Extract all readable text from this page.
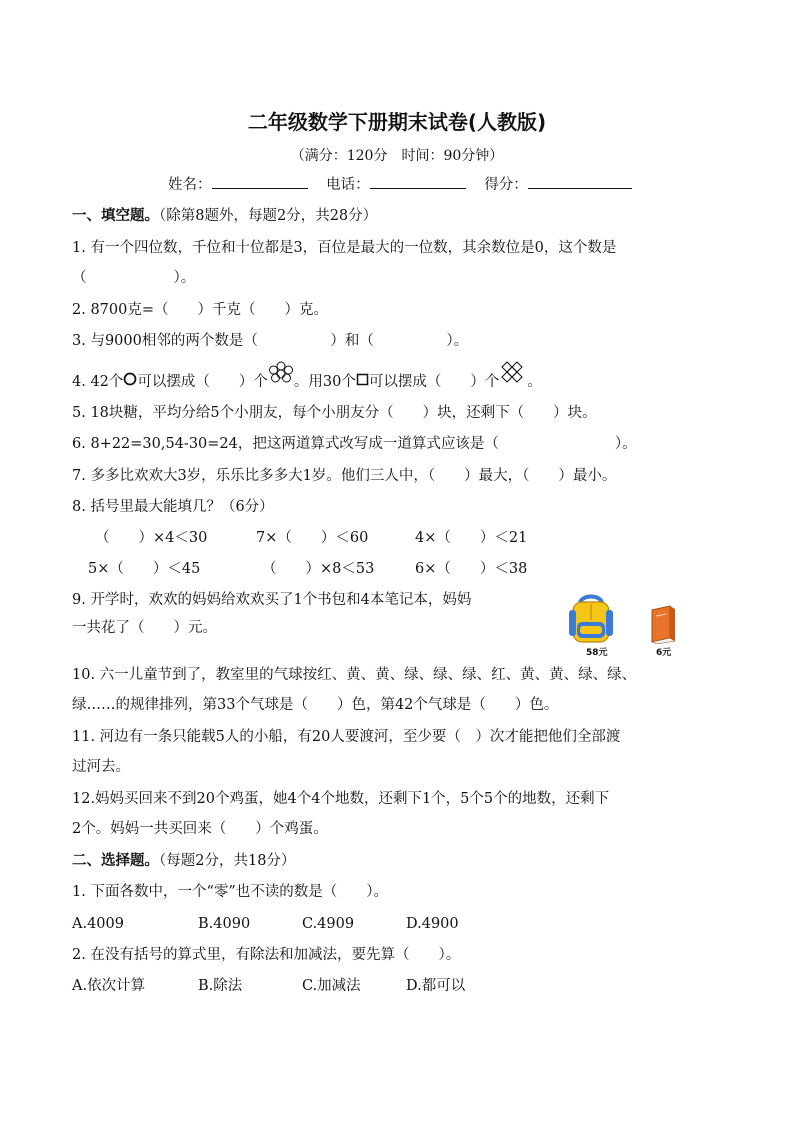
二年级数学下册期末试卷(人教版)
（满分：120分　时间：90分钟）
姓名：	电话：	得分：
一、填空题。（除第8题外，每题2分，共28分）
1. 有一个四位数，千位和十位都是3，百位是最大的一位数，其余数位是0，这个数是
（　　　　　　）。
2. 8700克=（　　）千克（　　）克。
3. 与9000相邻的两个数是（　　　　　）和（　　　　　）。
4. 42个 可以摆成（　　）个 。用30个 可以摆成（　　）个 。
5. 18块糖，平均分给5个小朋友，每个小朋友分（　　）块，还剩下（　　）块。
6. 8+22=30,54-30=24，把这两道算式改写成一道算式应该是（　　　　　　　　）。
7. 多多比欢欢大3岁，乐乐比多多大1岁。他们三人中，（　　）最大，（　　）最小。
8. 括号里最大能填几？（6分）
（　　）×4＜30	7×（　　）＜60	4×（　　）＜21
5×（　　）＜45	（　　）×8＜53	6×（　　）＜38
9. 开学时，欢欢的妈妈给欢欢买了1个书包和4本笔记本，妈妈
一共花了（　　）元。
58元	6元
10. 六一儿童节到了，教室里的气球按红、黄、黄、绿、绿、绿、红、黄、黄、绿、绿、
绿……的规律排列，第33个气球是（　　）色，第42个气球是（　　）色。
11. 河边有一条只能载5人的小船，有20人要渡河，至少要（　）次才能把他们全部渡
过河去。
12.妈妈买回来不到20个鸡蛋，她4个4个地数，还剩下1个，5个5个的地数，还剩下
2个。妈妈一共买回来（　　）个鸡蛋。
二、选择题。（每题2分，共18分）
1. 下面各数中，一个“零”也不读的数是（　　）。
A.4009	B.4090	C.4909	D.4900
2. 在没有括号的算式里，有除法和加减法，要先算（　　）。
A.依次计算	B.除法	C.加减法	D.都可以
